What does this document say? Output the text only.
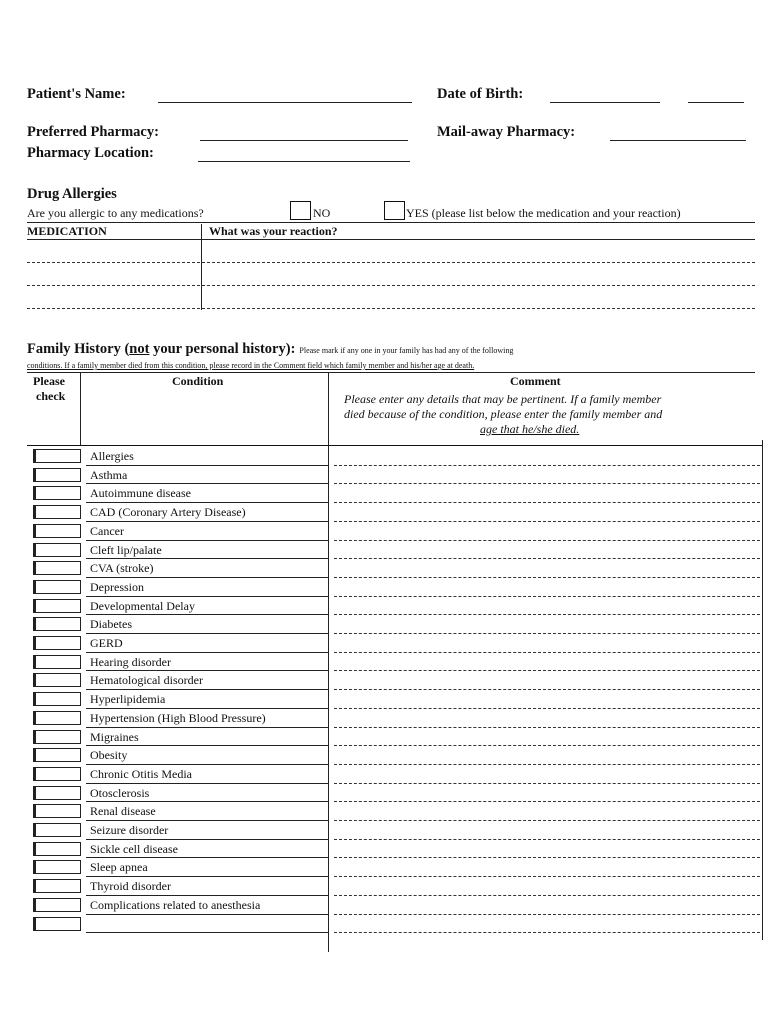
Patient's Name:	Date of Birth:
Preferred Pharmacy:	Mail-away Pharmacy:
Pharmacy Location:
Drug Allergies
Are you allergic to any medications?	NO	YES (please list below the medication and your reaction)
MEDICATION	What was your reaction?
Family History (not your personal history): Please mark if any one in your family has had any of the following
conditions. If a family member died from this condition, please record in the Comment field which family member and his/her age at death.
Please
check
Condition	Comment
Please enter any details that may be pertinent. If a family member
died because of the condition, please enter the family member and
age that he/she died.
Allergies
Asthma
Autoimmune disease
CAD (Coronary Artery Disease)
Cancer
Cleft lip/palate
CVA (stroke)
Depression
Developmental Delay
Diabetes
GERD
Hearing disorder
Hematological disorder
Hyperlipidemia
Hypertension (High Blood Pressure)
Migraines
Obesity
Chronic Otitis Media
Otosclerosis
Renal disease
Seizure disorder
Sickle cell disease
Sleep apnea
Thyroid disorder
Complications related to anesthesia
